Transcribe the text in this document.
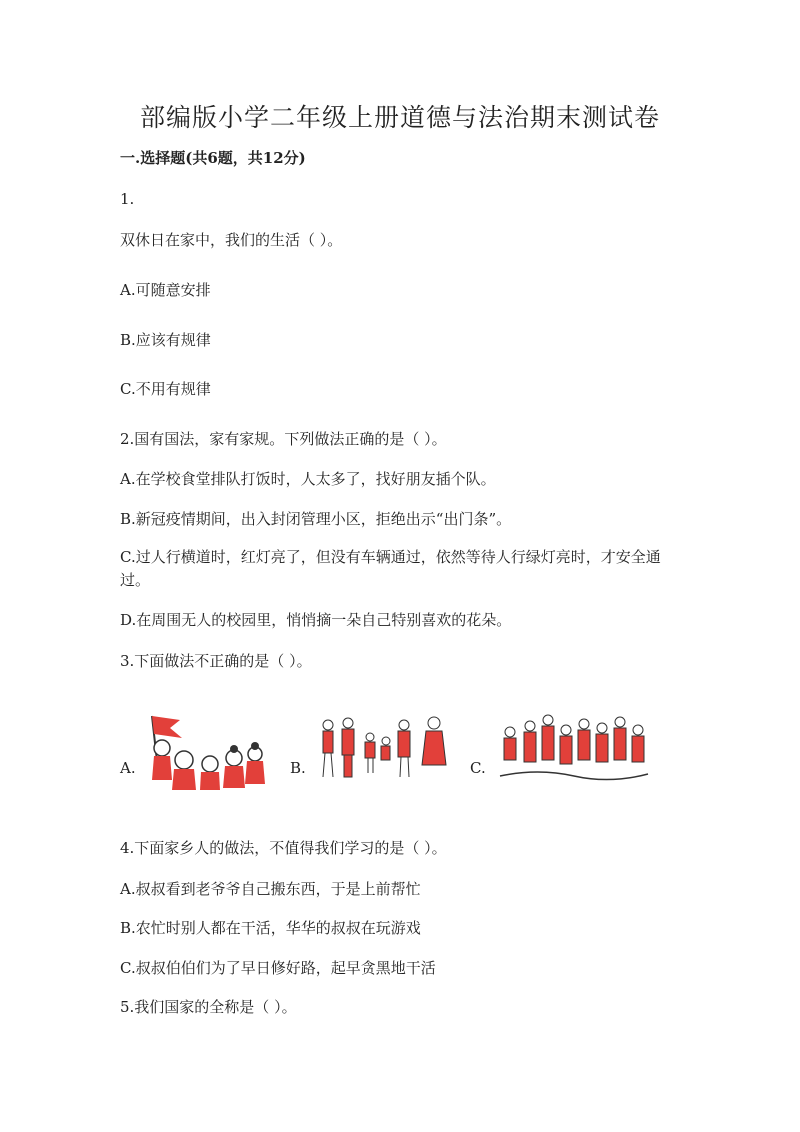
部编版小学二年级上册道德与法治期末测试卷
一.选择题(共6题，共12分)
1.
双休日在家中，我们的生活（ ）。
A.可随意安排
B.应该有规律
C.不用有规律
2.国有国法，家有家规。下列做法正确的是（ ）。
A.在学校食堂排队打饭时，人太多了，找好朋友插个队。
B.新冠疫情期间，出入封闭管理小区，拒绝出示“出门条”。
C.过人行横道时，红灯亮了，但没有车辆通过，依然等待人行绿灯亮时，才安全通过。
D.在周围无人的校园里，悄悄摘一朵自己特别喜欢的花朵。
3.下面做法不正确的是（ ）。
A.	B.	C.
4.下面家乡人的做法，不值得我们学习的是（ ）。
A.叔叔看到老爷爷自己搬东西，于是上前帮忙
B.农忙时别人都在干活，华华的叔叔在玩游戏
C.叔叔伯伯们为了早日修好路，起早贪黑地干活
5.我们国家的全称是（ ）。
